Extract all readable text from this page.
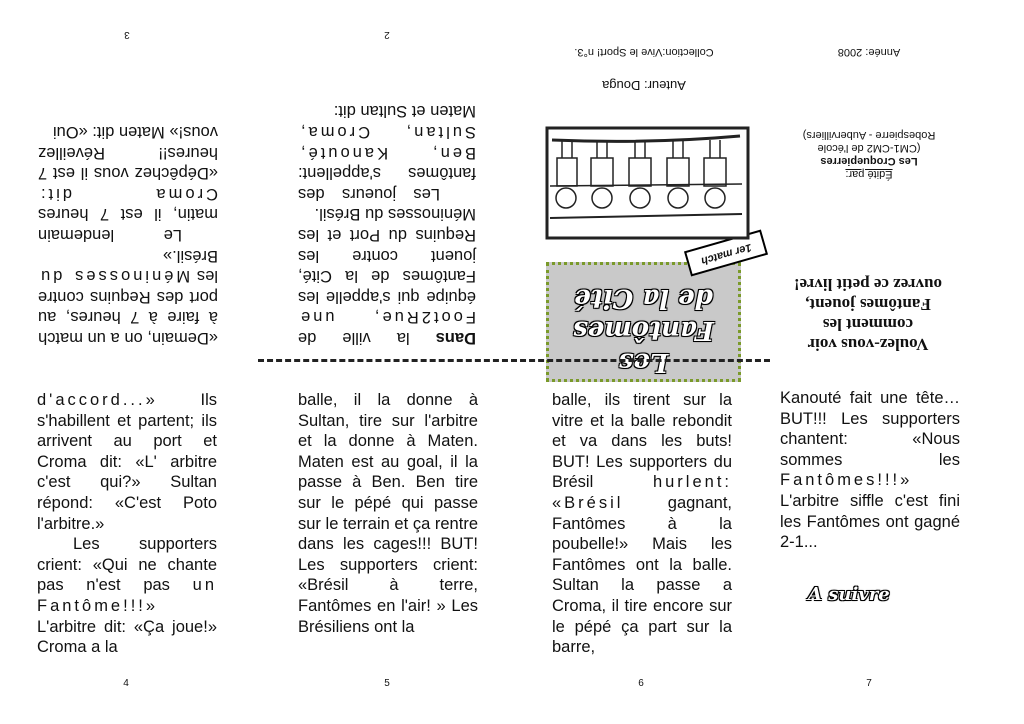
Dans la ville de Foot2Rue, une équipe qui s'appelle les Fantômes de la Cité, jouent contre les Requins du Port et les Méninosses du Brésil.

Les joueurs des fantômes s'appellent: Ben, Kanouté, Sultan, Croma, Maten et Sultan dit:

2

«Demain, on a un match à faire à 7 heures, au port des Requins contre les Méninosses du Brésil.»

Le lendemain matin, il est 7 heures Croma dit: «Dépêchez vous il est 7 heures!! Réveillez vous!» Maten dit: «Oui

3
Les
Fantômes
de la Cité
1er match
Auteur: Douga
Collection:Vive le Sport! n°3.
Voulez-vous voir
comment les
Fantômes jouent,
ouvrez ce petit livre!
Édité par:
Les Croquepierres
(CM1-CM2 de l'école
Robespierre - Aubervilliers)
Année: 2008

d'accord...» Ils s'habillent et partent; ils arrivent au port et Croma dit: «L' arbitre c'est qui?» Sultan répond: «C'est Poto l'arbitre.»

Les supporters crient: «Qui ne chante pas n'est pas un Fantôme!!!» L'arbitre dit: «Ça joue!» Croma a la

4

balle, il la donne à Sultan, tire sur l'arbitre et la donne à Maten. Maten est au goal, il la passe à Ben. Ben tire sur le pépé qui passe sur le terrain et ça rentre dans les cages!!! BUT! Les supporters crient: «Brésil à terre, Fantômes en l'air! » Les Brésiliens ont la

5

balle, ils tirent sur la vitre et la balle rebondit et va dans les buts! BUT! Les supporters du Brésil	hurlent: «Brésil	gagnant, Fantômes à la poubelle!» Mais les Fantômes ont la balle. Sultan la passe a Croma, il tire encore sur le pépé ça part sur la barre,

6

Kanouté fait une tête… BUT!!! Les supporters chantent: «Nous sommes les Fantômes!!!» L'arbitre siffle c'est fini les Fantômes ont gagné 2-1...

A suivre
7
